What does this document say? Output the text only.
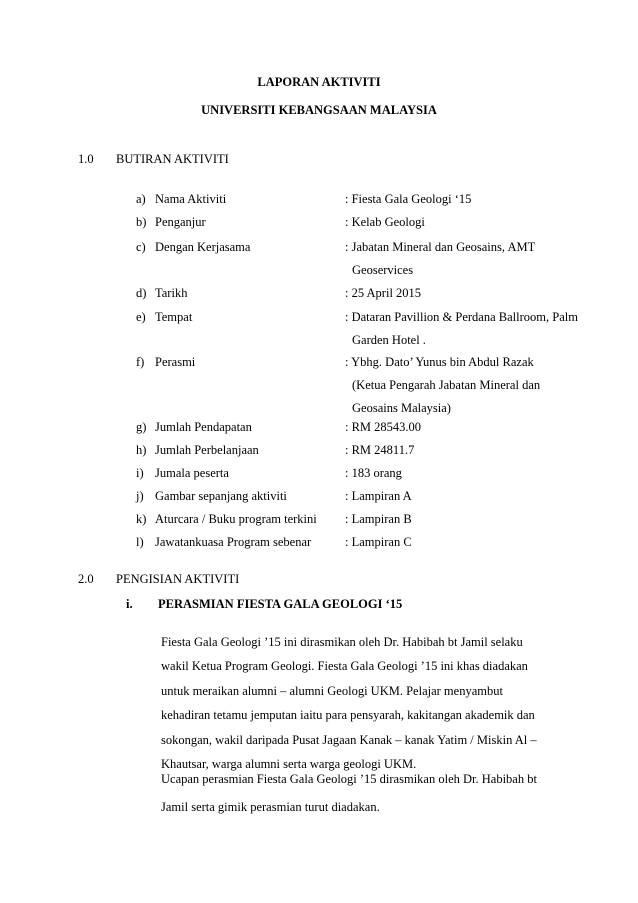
LAPORAN AKTIVITI
UNIVERSITI KEBANGSAAN MALAYSIA
1.0 BUTIRAN AKTIVITI
a) Nama Aktiviti	: Fiesta Gala Geologi ‘15
b) Penganjur	: Kelab Geologi
c) Dengan Kerjasama	: Jabatan Mineral dan Geosains, AMT
Geoservices
d) Tarikh	: 25 April 2015
e) Tempat	: Dataran Pavillion & Perdana Ballroom, Palm
Garden Hotel .
f) Perasmi	: Ybhg. Dato’ Yunus bin Abdul Razak
(Ketua Pengarah Jabatan Mineral dan
Geosains Malaysia)
g) Jumlah Pendapatan	: RM 28543.00
h) Jumlah Perbelanjaan	: RM 24811.7
i) Jumala peserta	: 183 orang
j) Gambar sepanjang aktiviti	: Lampiran A
k) Aturcara / Buku program terkini : Lampiran B
l) Jawatankuasa Program sebenar	: Lampiran C
2.0 PENGISIAN AKTIVITI
i. PERASMIAN FIESTA GALA GEOLOGI ‘15
Fiesta Gala Geologi ’15 ini dirasmikan oleh Dr. Habibah bt Jamil selaku
wakil Ketua Program Geologi. Fiesta Gala Geologi ’15 ini khas diadakan
untuk meraikan alumni – alumni Geologi UKM. Pelajar menyambut
kehadiran tetamu jemputan iaitu para pensyarah, kakitangan akademik dan
sokongan, wakil daripada Pusat Jagaan Kanak – kanak Yatim / Miskin Al –
Khautsar, warga alumni serta warga geologi UKM.
Ucapan perasmian Fiesta Gala Geologi ’15 dirasmikan oleh Dr. Habibah bt
Jamil serta gimik perasmian turut diadakan.
